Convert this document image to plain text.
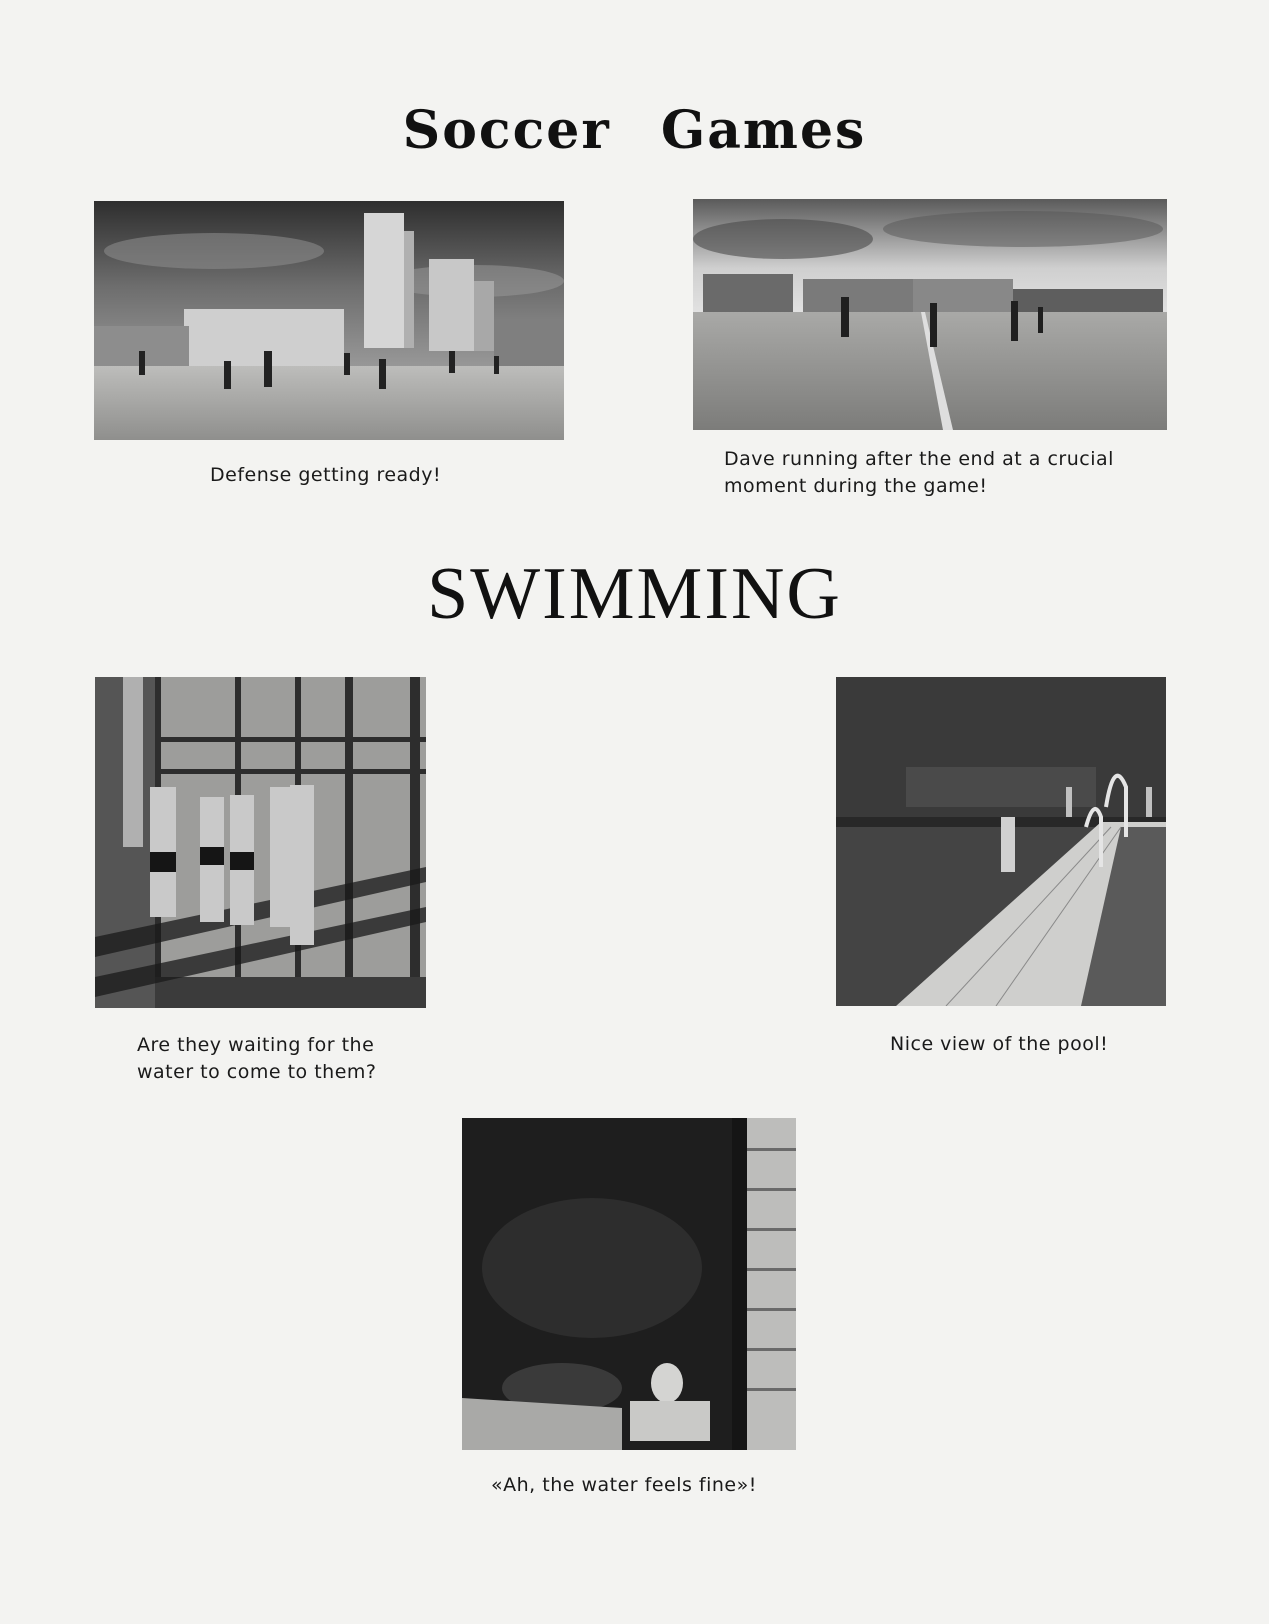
Soccer Games

Defense getting ready!

Dave running after the end at a crucial
moment during the game!

SWIMMING

Are they waiting for the
water to come to them?

Nice view of the pool!

«Ah, the water feels fine»!
